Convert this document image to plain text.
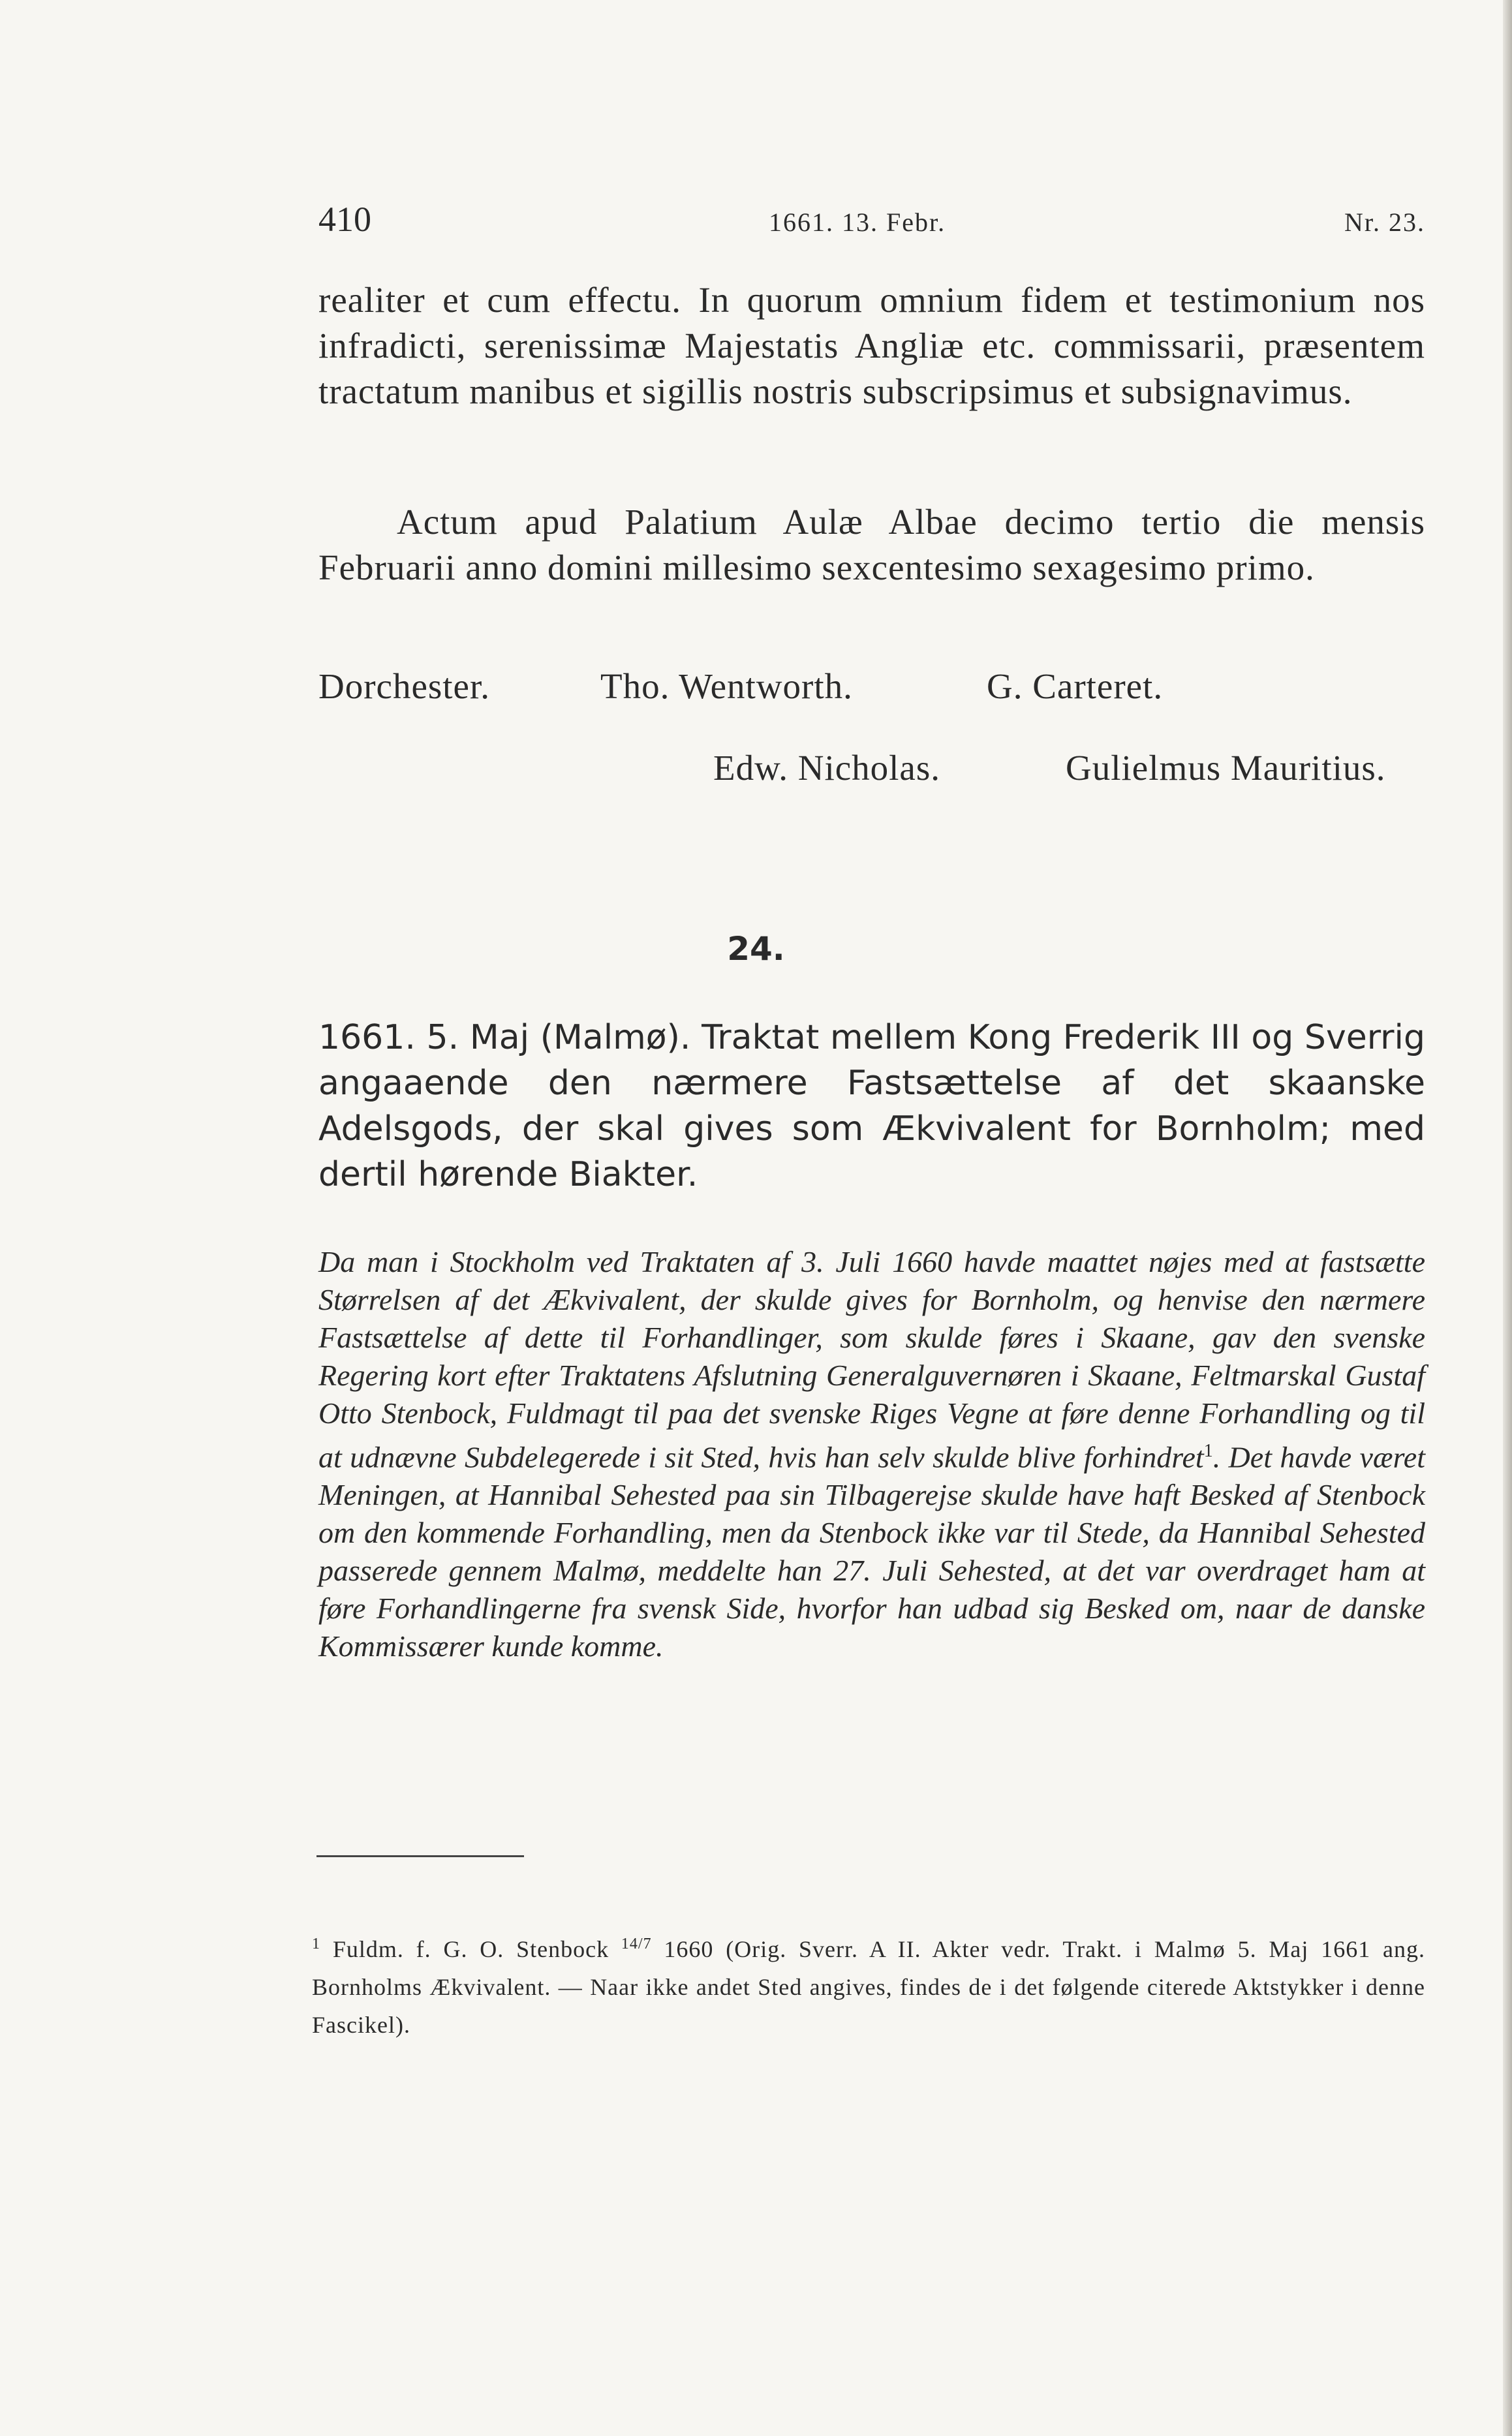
410	1661. 13. Febr.	Nr. 23.
realiter et cum effectu. In quorum omnium fidem et testimonium nos infradicti, serenissimæ Majestatis Angliæ etc. commissarii, præsentem tractatum manibus et sigillis nostris subscripsimus et subsignavimus.
Actum apud Palatium Aulæ Albae decimo tertio die mensis Februarii anno domini millesimo sexcentesimo sexagesimo primo.
Dorchester.	Tho. Wentworth.	G. Carteret.
Edw. Nicholas.	Gulielmus Mauritius.
24.
1661. 5. Maj (Malmø). Traktat mellem Kong Frederik III og Sverrig angaaende den nærmere Fastsættelse af det skaanske Adelsgods, der skal gives som Ækvivalent for Bornholm; med dertil hørende Biakter.
Da man i Stockholm ved Traktaten af 3. Juli 1660 havde maattet nøjes med at fastsætte Størrelsen af det Ækvivalent, der skulde gives for Bornholm, og henvise den nærmere Fastsættelse af dette til Forhandlinger, som skulde føres i Skaane, gav den svenske Regering kort efter Traktatens Afslutning Generalguvernøren i Skaane, Feltmarskal Gustaf Otto Stenbock, Fuldmagt til paa det svenske Riges Vegne at føre denne Forhandling og til at udnævne Subdelegerede i sit Sted, hvis han selv skulde blive forhindret$^1$. Det havde været Meningen, at Hannibal Sehested paa sin Tilbagerejse skulde have haft Besked af Stenbock om den kommende Forhandling, men da Stenbock ikke var til Stede, da Hannibal Sehested passerede gennem Malmø, meddelte han 27. Juli Sehested, at det var overdraget ham at føre Forhandlingerne fra svensk Side, hvorfor han udbad sig Besked om, naar de danske Kommissærer kunde komme.
$^1$ Fuldm. f. G. O. Stenbock $^{14/7}$ 1660 (Orig. Sverr. A II. Akter vedr. Trakt. i Malmø 5. Maj 1661 ang. Bornholms Ækvivalent. — Naar ikke andet Sted angives, findes de i det følgende citerede Aktstykker i denne Fascikel).
